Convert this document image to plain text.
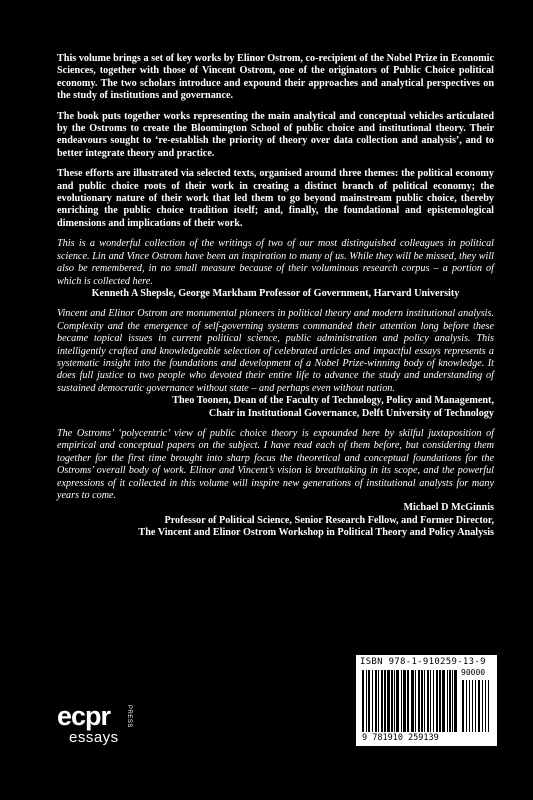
This volume brings a set of key works by Elinor Ostrom, co-recipient of the Nobel Prize in Economic Sciences, together with those of Vincent Ostrom, one of the originators of Public Choice political economy. The two scholars introduce and expound their approaches and analytical perspectives on the study of institutions and governance.

The book puts together works representing the main analytical and conceptual vehicles articulated by the Ostroms to create the Bloomington School of public choice and institutional theory. Their endeavours sought to ‘re-establish the priority of theory over data collection and analysis’, and to better integrate theory and practice.

These efforts are illustrated via selected texts, organised around three themes: the political economy and public choice roots of their work in creating a distinct branch of political economy; the evolutionary nature of their work that led them to go beyond mainstream public choice, thereby enriching the public choice tradition itself; and, finally, the foundational and epistemological dimensions and implications of their work.

This is a wonderful collection of the writings of two of our most distinguished colleagues in political science. Lin and Vince Ostrom have been an inspiration to many of us. While they will be missed, they will also be remembered, in no small measure because of their voluminous research corpus – a portion of which is collected here.

Kenneth A Shepsle, George Markham Professor of Government, Harvard University

Vincent and Elinor Ostrom are monumental pioneers in political theory and modern institutional analysis. Complexity and the emergence of self-governing systems commanded their attention long before these became topical issues in current political science, public administration and policy analysis. This intelligently crafted and knowledgeable selection of celebrated articles and impactful essays represents a systematic insight into the foundations and development of a Nobel Prize-winning body of knowledge. It does full justice to two people who devoted their entire life to advance the study and understanding of sustained democratic governance without state – and perhaps even without nation.

Theo Toonen, Dean of the Faculty of Technology, Policy and Management,
Chair in Institutional Governance, Delft University of Technology

The Ostroms’ ‘polycentric’ view of public choice theory is expounded here by skilful juxtaposition of empirical and conceptual papers on the subject. I have read each of them before, but considering them together for the first time brought into sharp focus the theoretical and conceptual foundations for the Ostroms’ overall body of work. Elinor and Vincent’s vision is breathtaking in its scope, and the powerful expressions of it collected in this volume will inspire new generations of institutional analysts for many years to come.

Michael D McGinnis
Professor of Political Science, Senior Research Fellow, and Former Director,
The Vincent and Elinor Ostrom Workshop in Political Theory and Policy Analysis
ecpr	PRESS
essays
ISBN 978-1-910259-13-9
90000
9 781910 259139
